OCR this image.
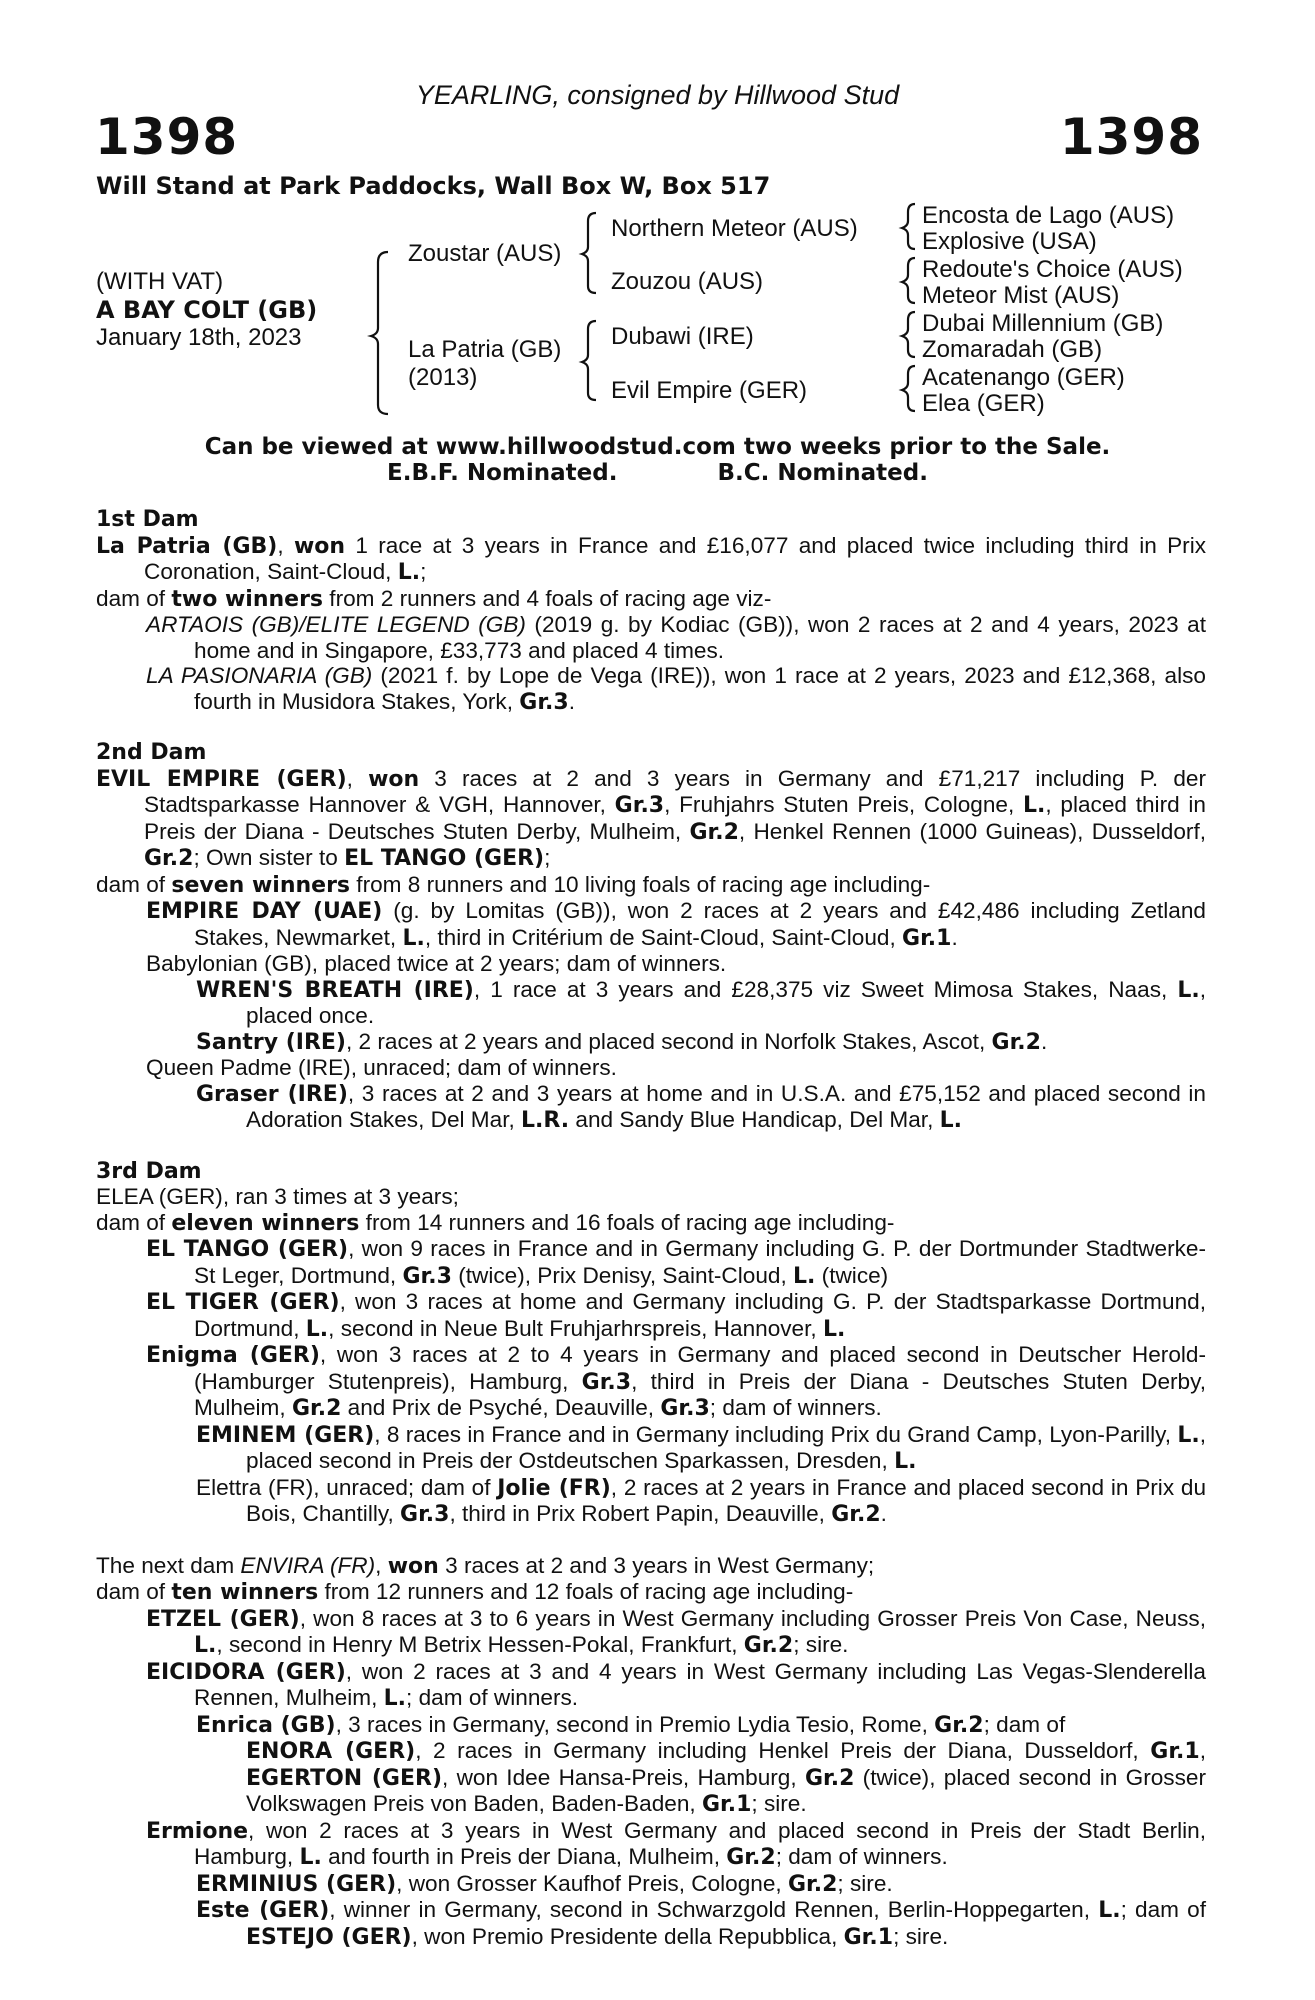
YEARLING, consigned by Hillwood Stud
1398	1398
Will Stand at Park Paddocks, Wall Box W, Box 517
(WITH VAT)
A BAY COLT (GB)
January 18th, 2023
Zoustar (AUS)
La Patria (GB)
(2013)
Northern Meteor (AUS)
Zouzou (AUS)
Dubawi (IRE)
Evil Empire (GER)
Encosta de Lago (AUS)
Explosive (USA)
Redoute's Choice (AUS)
Meteor Mist (AUS)
Dubai Millennium (GB)
Zomaradah (GB)
Acatenango (GER)
Elea (GER)
Can be viewed at www.hillwoodstud.com two weeks prior to the Sale.
E.B.F. Nominated.	B.C. Nominated.

1st Dam

La Patria (GB), won 1 race at 3 years in France and £16,077 and placed twice including third in Prix Coronation, Saint-Cloud, L.;

dam of two winners from 2 runners and 4 foals of racing age viz-

ARTAOIS (GB)/ELITE LEGEND (GB) (2019 g. by Kodiac (GB)), won 2 races at 2 and 4 years, 2023 at home and in Singapore, £33,773 and placed 4 times.

LA PASIONARIA (GB) (2021 f. by Lope de Vega (IRE)), won 1 race at 2 years, 2023 and £12,368, also fourth in Musidora Stakes, York, Gr.3.

2nd Dam

EVIL EMPIRE (GER), won 3 races at 2 and 3 years in Germany and £71,217 including P. der Stadtsparkasse Hannover & VGH, Hannover, Gr.3, Fruhjahrs Stuten Preis, Cologne, L., placed third in Preis der Diana - Deutsches Stuten Derby, Mulheim, Gr.2, Henkel Rennen (1000 Guineas), Dusseldorf, Gr.2; Own sister to EL TANGO (GER);

dam of seven winners from 8 runners and 10 living foals of racing age including-

EMPIRE DAY (UAE) (g. by Lomitas (GB)), won 2 races at 2 years and £42,486 including Zetland Stakes, Newmarket, L., third in Critérium de Saint-Cloud, Saint-Cloud, Gr.1.

Babylonian (GB), placed twice at 2 years; dam of winners.

WREN'S BREATH (IRE), 1 race at 3 years and £28,375 viz Sweet Mimosa Stakes, Naas, L., placed once.

Santry (IRE), 2 races at 2 years and placed second in Norfolk Stakes, Ascot, Gr.2.

Queen Padme (IRE), unraced; dam of winners.

Graser (IRE), 3 races at 2 and 3 years at home and in U.S.A. and £75,152 and placed second in Adoration Stakes, Del Mar, L.R. and Sandy Blue Handicap, Del Mar, L.

3rd Dam

ELEA (GER), ran 3 times at 3 years;

dam of eleven winners from 14 runners and 16 foals of racing age including-

EL TANGO (GER), won 9 races in France and in Germany including G. P. der Dortmunder Stadtwerke-St Leger, Dortmund, Gr.3 (twice), Prix Denisy, Saint-Cloud, L. (twice)

EL TIGER (GER), won 3 races at home and Germany including G. P. der Stadtsparkasse Dortmund, Dortmund, L., second in Neue Bult Fruhjarhrspreis, Hannover, L.

Enigma (GER), won 3 races at 2 to 4 years in Germany and placed second in Deutscher Herold-(Hamburger Stutenpreis), Hamburg, Gr.3, third in Preis der Diana - Deutsches Stuten Derby, Mulheim, Gr.2 and Prix de Psyché, Deauville, Gr.3; dam of winners.

EMINEM (GER), 8 races in France and in Germany including Prix du Grand Camp, Lyon-Parilly, L., placed second in Preis der Ostdeutschen Sparkassen, Dresden, L.

Elettra (FR), unraced; dam of Jolie (FR), 2 races at 2 years in France and placed second in Prix du Bois, Chantilly, Gr.3, third in Prix Robert Papin, Deauville, Gr.2.

The next dam ENVIRA (FR), won 3 races at 2 and 3 years in West Germany;

dam of ten winners from 12 runners and 12 foals of racing age including-

ETZEL (GER), won 8 races at 3 to 6 years in West Germany including Grosser Preis Von Case, Neuss, L., second in Henry M Betrix Hessen-Pokal, Frankfurt, Gr.2; sire.

EICIDORA (GER), won 2 races at 3 and 4 years in West Germany including Las Vegas-Slenderella Rennen, Mulheim, L.; dam of winners.

Enrica (GB), 3 races in Germany, second in Premio Lydia Tesio, Rome, Gr.2; dam of

ENORA (GER), 2 races in Germany including Henkel Preis der Diana, Dusseldorf, Gr.1, EGERTON (GER), won Idee Hansa-Preis, Hamburg, Gr.2 (twice), placed second in Grosser Volkswagen Preis von Baden, Baden-Baden, Gr.1; sire.

Ermione, won 2 races at 3 years in West Germany and placed second in Preis der Stadt Berlin, Hamburg, L. and fourth in Preis der Diana, Mulheim, Gr.2; dam of winners.

ERMINIUS (GER), won Grosser Kaufhof Preis, Cologne, Gr.2; sire.

Este (GER), winner in Germany, second in Schwarzgold Rennen, Berlin-Hoppegarten, L.; dam of ESTEJO (GER), won Premio Presidente della Repubblica, Gr.1; sire.
